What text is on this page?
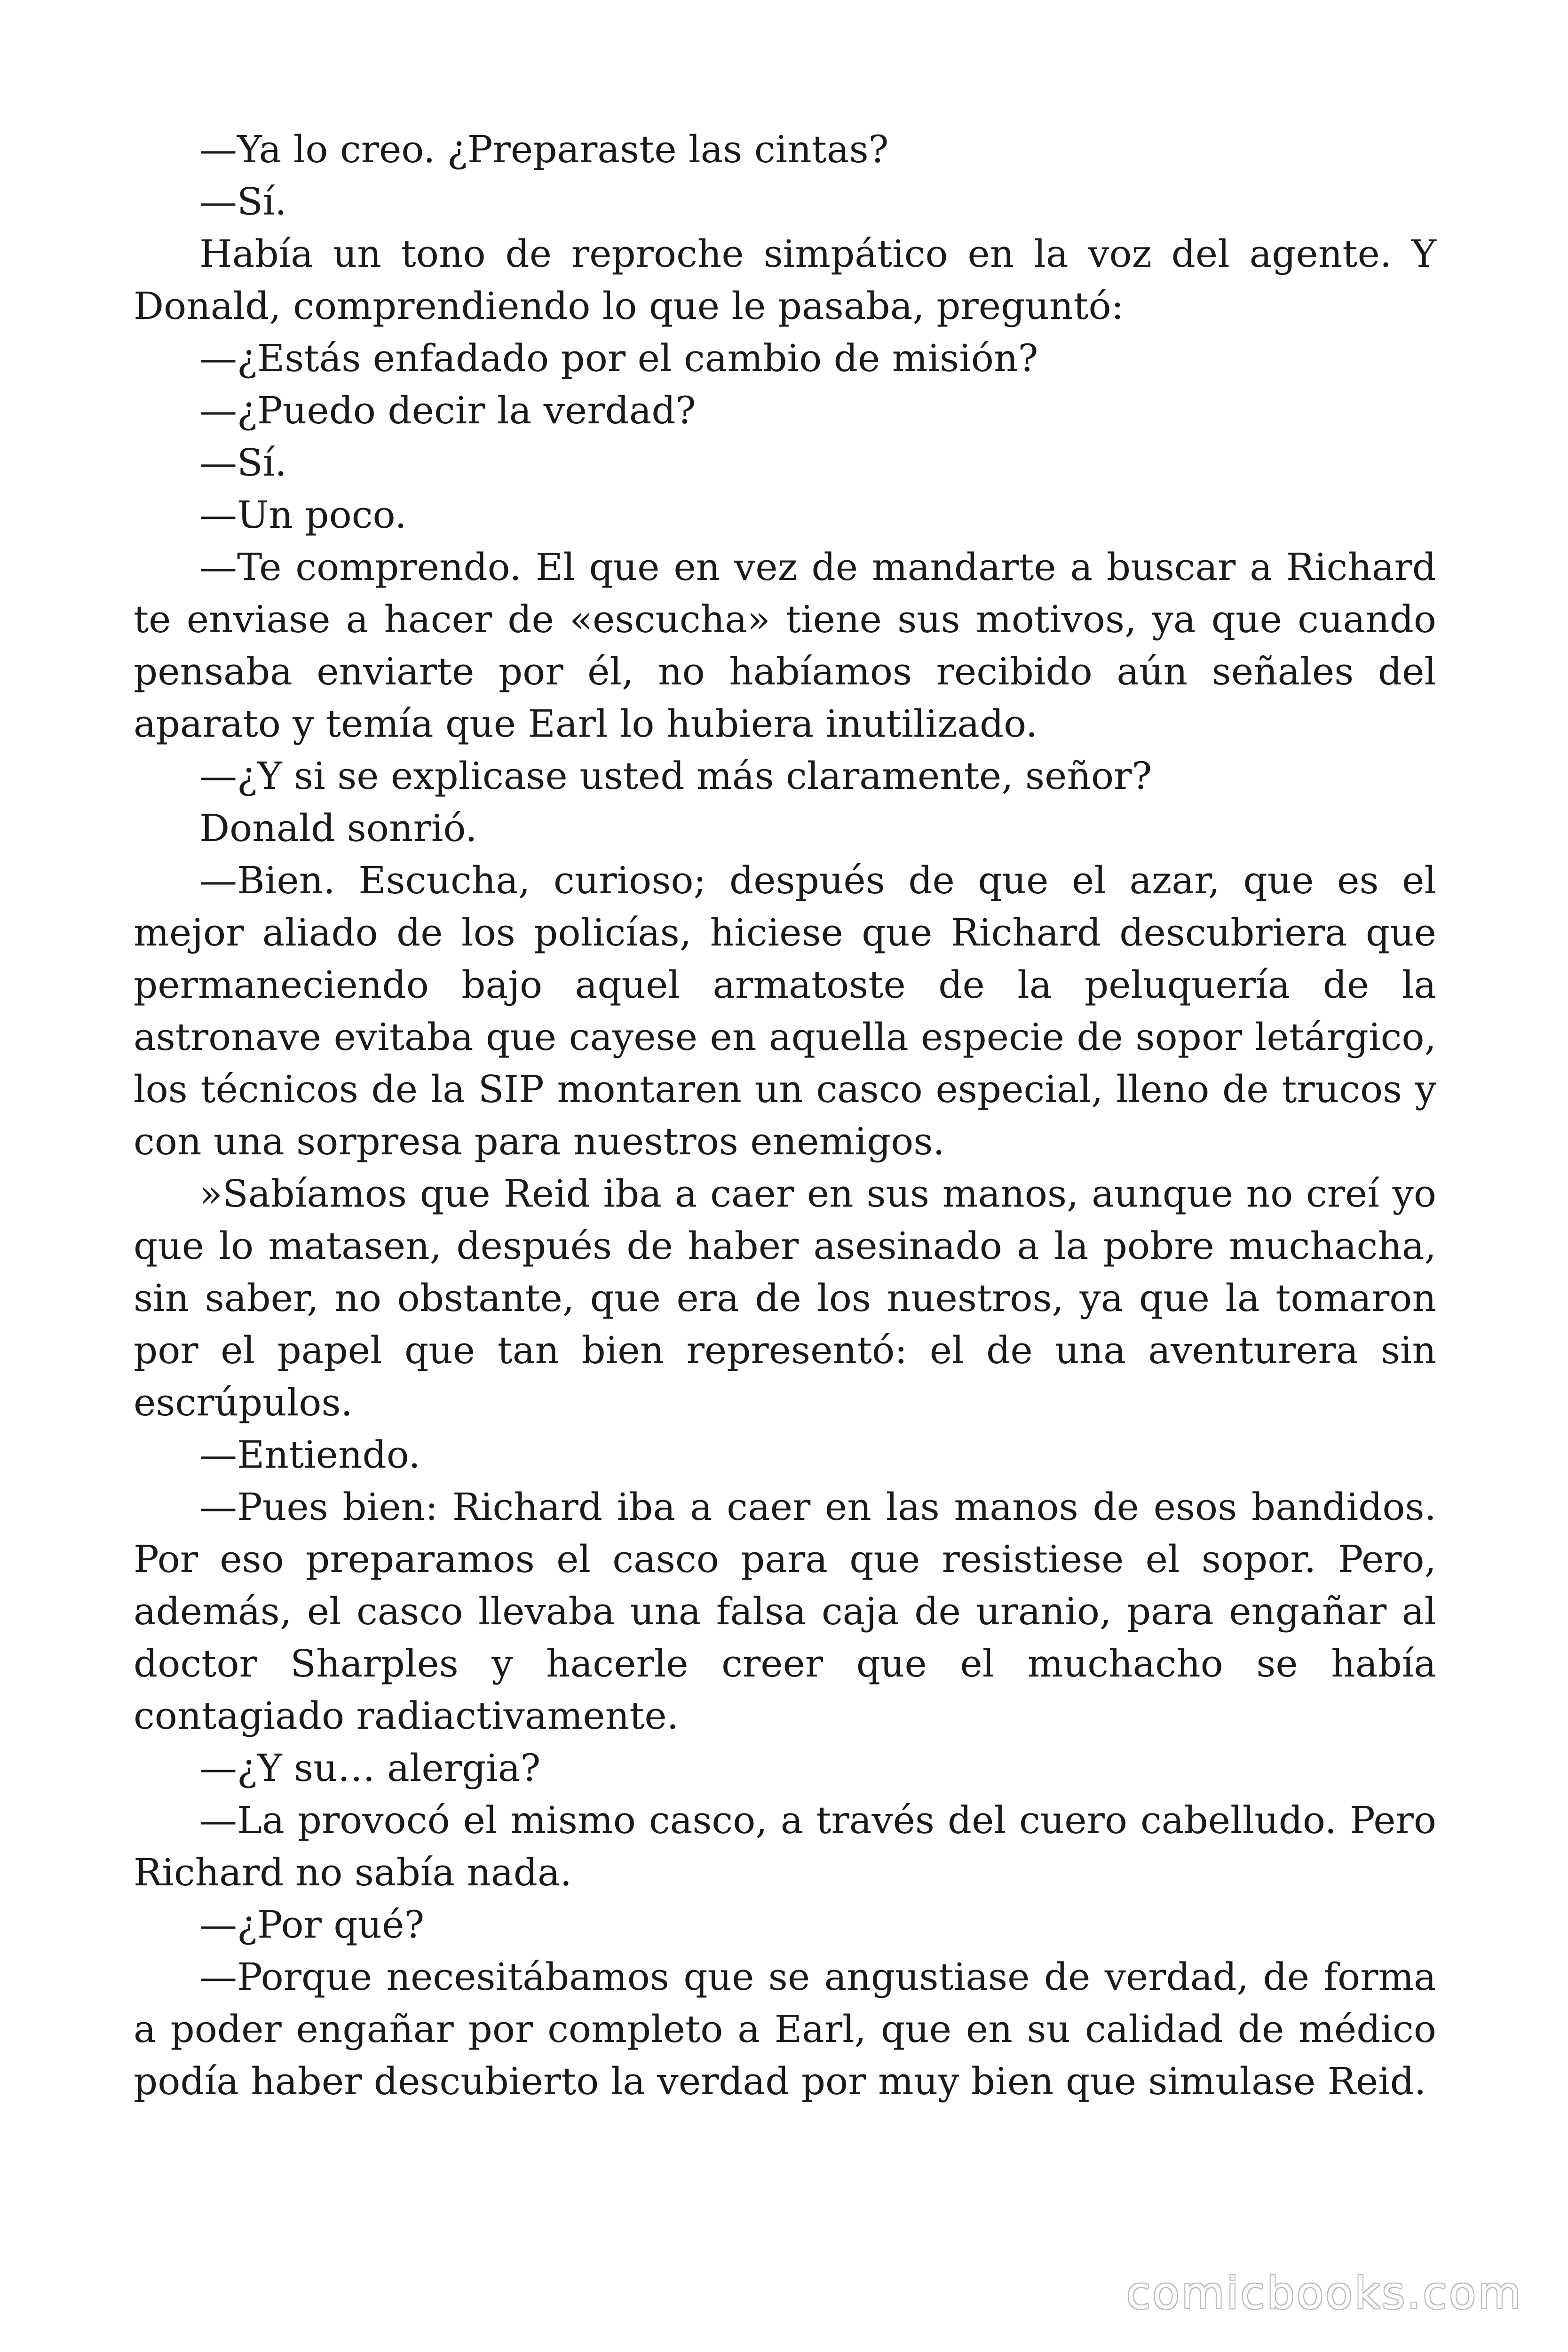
—Ya lo creo. ¿Preparaste las cintas?

—Sí.

Había un tono de reproche simpático en la voz del agente. Y Donald, comprendiendo lo que le pasaba, preguntó:

—¿Estás enfadado por el cambio de misión?

—¿Puedo decir la verdad?

—Sí.

—Un poco.

—Te comprendo. El que en vez de mandarte a buscar a Richard te enviase a hacer de «escucha» tiene sus motivos, ya que cuando pensaba enviarte por él, no habíamos recibido aún señales del aparato y temía que Earl lo hubiera inutilizado.

—¿Y si se explicase usted más claramente, señor?

Donald sonrió.

—Bien. Escucha, curioso; después de que el azar, que es el mejor aliado de los policías, hiciese que Richard descubriera que permaneciendo bajo aquel armatoste de la peluquería de la astronave evitaba que cayese en aquella especie de sopor letárgico, los técnicos de la SIP montaren un casco especial, lleno de trucos y con una sorpresa para nuestros enemigos.

»Sabíamos que Reid iba a caer en sus manos, aunque no creí yo que lo matasen, después de haber asesinado a la pobre muchacha, sin saber, no obstante, que era de los nuestros, ya que la tomaron por el papel que tan bien representó: el de una aventurera sin escrúpulos.

—Entiendo.

—Pues bien: Richard iba a caer en las manos de esos bandidos. Por eso preparamos el casco para que resistiese el sopor. Pero, además, el casco llevaba una falsa caja de uranio, para engañar al doctor Sharples y hacerle creer que el muchacho se había contagiado radiactivamente.

—¿Y su… alergia?

—La provocó el mismo casco, a través del cuero cabelludo. Pero Richard no sabía nada.

—¿Por qué?

—Porque necesitábamos que se angustiase de verdad, de forma a poder engañar por completo a Earl, que en su calidad de médico podía haber descubierto la verdad por muy bien que simulase Reid.

comicbooks.com
